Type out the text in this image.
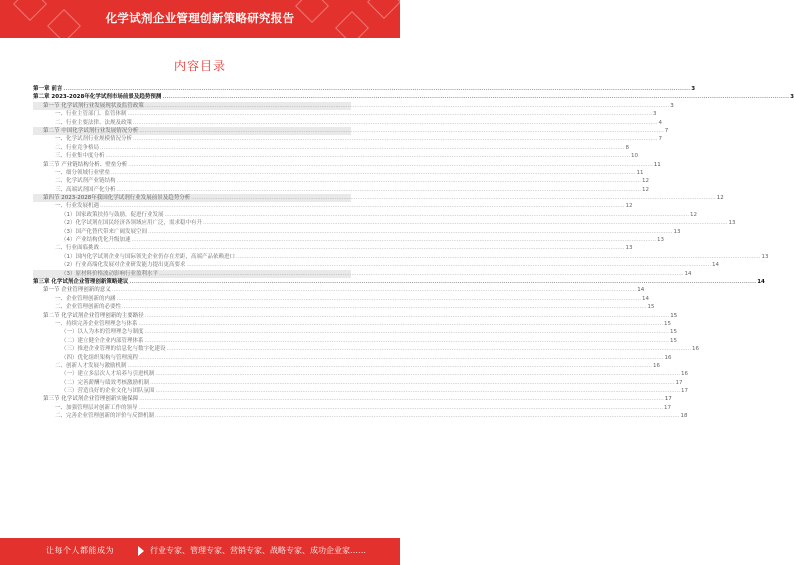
化学试剂企业管理创新策略研究报告
内容目录
第一章 前言 ............................................................................................................................................................................................................................................................................................................ 3
第二章 2023-2028年化学试剂市场前景及趋势预测 ............................................................................................................................................................................................................................................................................................................ 3
第一节 化学试剂行业发展现状及监管政策 ............................................................................................................................................................................................................................................................................................................ 3
一、行业主管部门、监管体制 ............................................................................................................................................................................................................................................................................................................ 3
二、行业主要法律、法规及政策 ............................................................................................................................................................................................................................................................................................................ 4
第二节 中国化学试剂行业发展情况分析 ............................................................................................................................................................................................................................................................................................................ 7
一、化学试剂行业规模情况分析 ............................................................................................................................................................................................................................................................................................................ 7
二、行业竞争格局 ............................................................................................................................................................................................................................................................................................................ 8
三、行业集中度分析 ............................................................................................................................................................................................................................................................................................................ 10
第三节 产业链结构分析、壁垒分析 ............................................................................................................................................................................................................................................................................................................ 11
一、细分领域行业壁垒 ............................................................................................................................................................................................................................................................................................................ 11
二、化学试剂产业链结构 ............................................................................................................................................................................................................................................................................................................ 12
三、高端试剂国产化分析 ............................................................................................................................................................................................................................................................................................................ 12
第四节 2023-2028年我国化学试剂行业发展前景及趋势分析 ............................................................................................................................................................................................................................................................................................................ 12
一、行业发展机遇 ............................................................................................................................................................................................................................................................................................................ 12
（1）国家政策扶持与鼓励，促进行业发展 ............................................................................................................................................................................................................................................................................................................ 12
（2）化学试剂在国民经济各领域应用广泛，需求稳中有升 ............................................................................................................................................................................................................................................................................................................ 13
（3）国产化替代带来广阔发展空间 ............................................................................................................................................................................................................................................................................................................ 13
（4）产业结构优化升级加速 ............................................................................................................................................................................................................................................................................................................ 13
二、行业面临挑战 ............................................................................................................................................................................................................................................................................................................ 13
（1）国内化学试剂企业与国际领先企业仍存在差距，高端产品依赖进口 ............................................................................................................................................................................................................................................................................................................ 13
（2）行业高端化发展对企业研发能力提出更高要求 ............................................................................................................................................................................................................................................................................................................ 14
（3）原材料价格波动影响行业盈利水平 ............................................................................................................................................................................................................................................................................................................ 14
第三章 化学试剂企业管理创新策略建议 ............................................................................................................................................................................................................................................................................................................ 14
第一节 企业管理创新的意义 ............................................................................................................................................................................................................................................................................................................ 14
一、企业管理创新的内涵 ............................................................................................................................................................................................................................................................................................................ 14
二、企业管理创新的必要性 ............................................................................................................................................................................................................................................................................................................ 15
第二节 化学试剂企业管理创新的主要路径 ............................................................................................................................................................................................................................................................................................................ 15
一、持续完善企业管理理念与体系 ............................................................................................................................................................................................................................................................................................................ 15
（一）以人为本的管理理念与制度 ............................................................................................................................................................................................................................................................................................................ 15
（二）建立健全企业内部管理体系 ............................................................................................................................................................................................................................................................................................................ 15
（三）推进企业管理的信息化与数字化建设 ............................................................................................................................................................................................................................................................................................................ 16
（四）优化组织架构与管理流程 ............................................................................................................................................................................................................................................................................................................ 16
二、创新人才发展与激励机制 ............................................................................................................................................................................................................................................................................................................ 16
（一）建立多层次人才培养与引进机制 ............................................................................................................................................................................................................................................................................................................ 16
（二）完善薪酬与绩效考核激励机制 ............................................................................................................................................................................................................................................................................................................ 17
（三）营造良好的企业文化与团队氛围 ............................................................................................................................................................................................................................................................................................................ 17
第三节 化学试剂企业管理创新实施保障 ............................................................................................................................................................................................................................................................................................................ 17
一、加强管理层对创新工作的领导 ............................................................................................................................................................................................................................................................................................................ 17
二、完善企业管理创新的评价与反馈机制 ............................................................................................................................................................................................................................................................................................................ 18
让每个人都能成为	行业专家、管理专家、营销专家、战略专家、成功企业家……
